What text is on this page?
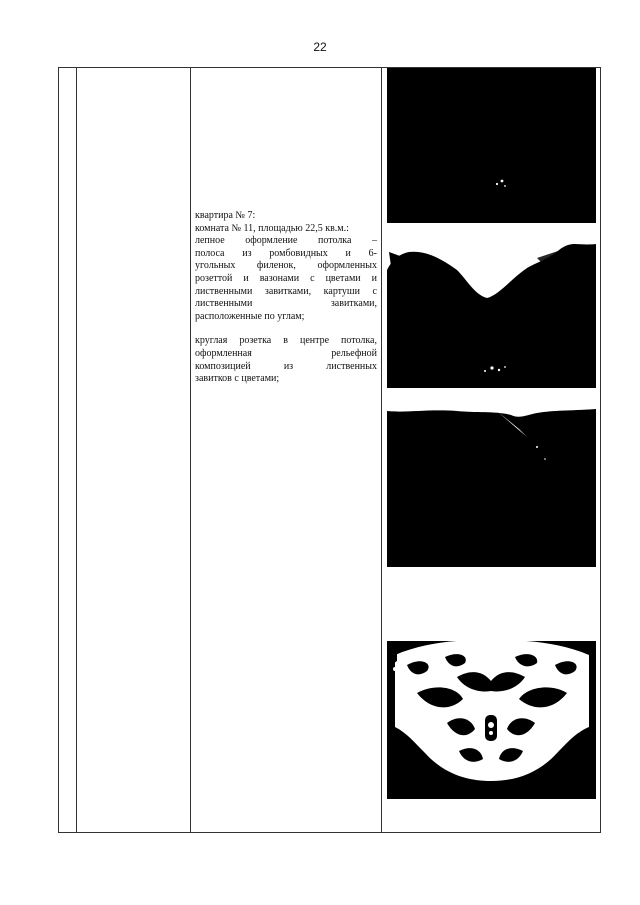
22

квартира № 7:

комната № 11, площадью 22,5 кв.м.:

лепное оформление потолка –

полоса из ромбовидных и 6-

угольных филенок, оформленных

розеттой и вазонами с цветами и

лиственными завитками, картуши с

лиственными завитками,

расположенные по углам;

круглая розетка в центре потолка,

оформленная рельефной

композицией из лиственных

завитков с цветами;
